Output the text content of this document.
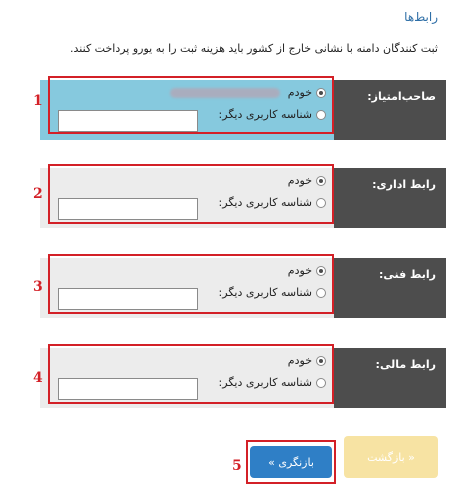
رابط‌ها
ثبت کنندگان دامنه با نشانی خارج از کشور باید هزینه ثبت را به یورو پرداخت کنند.
خودم
شناسه کاربری دیگر:
صاحب‌امتیاز:
خودم
شناسه کاربری دیگر:
رابط اداری:
خودم
شناسه کاربری دیگر:
رابط فنی:
خودم
شناسه کاربری دیگر:
رابط مالی:
1
2
3
4
5
« بازگشت
بازنگری »
